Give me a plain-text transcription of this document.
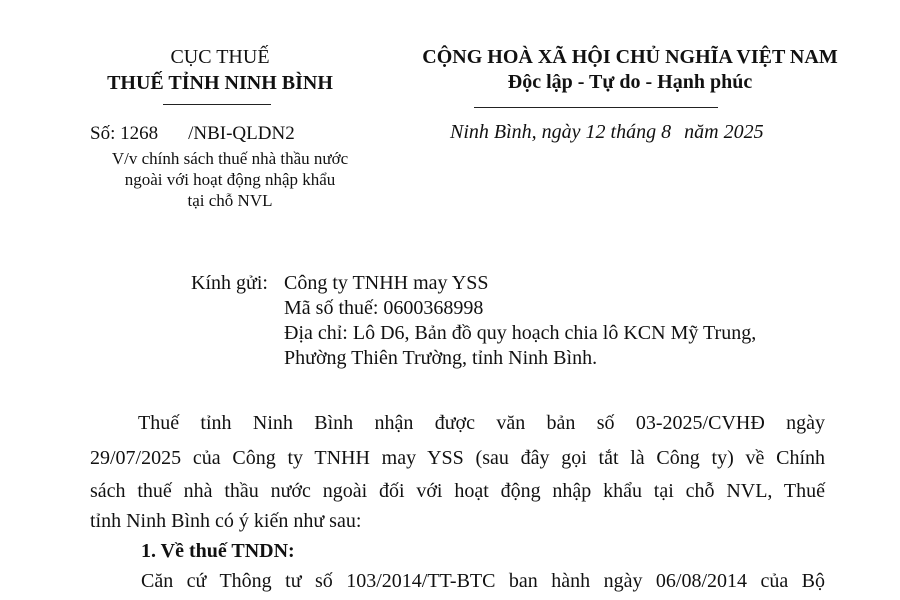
CỤC THUẾ
THUẾ TỈNH NINH BÌNH
CỘNG HOÀ XÃ HỘI CHỦ NGHĨA VIỆT NAM
Độc lập - Tự do - Hạnh phúc
Số: 1268 /NBI-QLDN2	Ninh Bình, ngày 12 tháng 8 năm 2025
V/v chính sách thuế nhà thầu nước
ngoài với hoạt động nhập khẩu
tại chỗ NVL
Kính gửi: Công ty TNHH may YSS
Mã số thuế: 0600368998
Địa chỉ: Lô D6, Bản đồ quy hoạch chia lô KCN Mỹ Trung,
Phường Thiên Trường, tỉnh Ninh Bình.
Thuế tỉnh Ninh Bình nhận được văn bản số 03-2025/CVHĐ ngày
29/07/2025 của Công ty TNHH may YSS (sau đây gọi tắt là Công ty) về Chính
sách thuế nhà thầu nước ngoài đối với hoạt động nhập khẩu tại chỗ NVL, Thuế
tỉnh Ninh Bình có ý kiến như sau:
1. Về thuế TNDN:
Căn cứ Thông tư số 103/2014/TT-BTC ban hành ngày 06/08/2014 của Bộ
